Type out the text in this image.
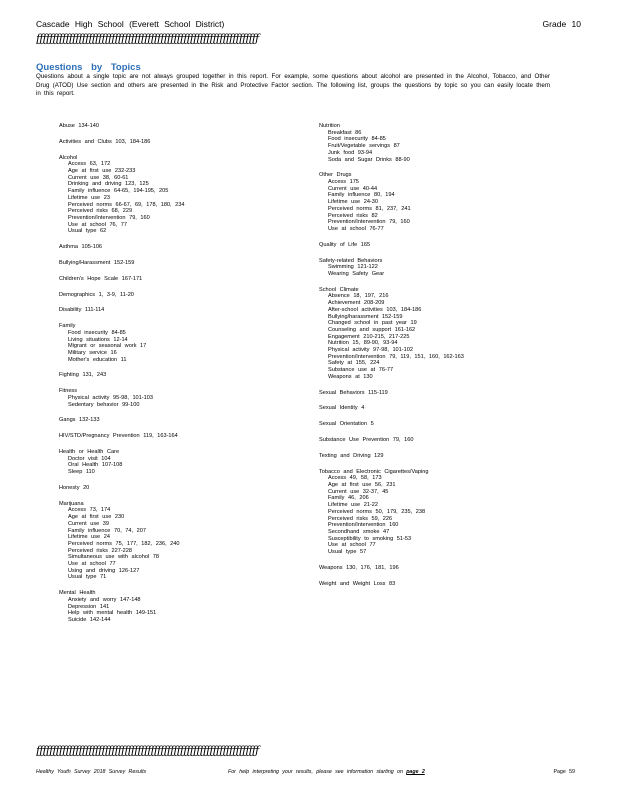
Cascade High School (Everett School District)	Grade 10
ƒƒƒƒƒƒƒƒƒƒƒƒƒƒƒƒƒƒƒƒƒƒƒƒƒƒƒƒƒƒƒƒƒƒƒƒƒƒƒƒƒƒƒƒƒƒƒƒƒƒƒƒƒƒƒƒƒƒƒƒƒƒƒƒƒƒƒƒ
Questions by Topics
Questions about a single topic are not always grouped together in this report. For example, some questions about alcohol are presented in the Alcohol, Tobacco, and Other Drug (ATOD) Use section and others are presented in the Risk and Protective Factor section. The following list, groups the questions by topic so you can easily locate them in this report.
Abuse 134-140
Activities and Clubs 103, 184-186
Alcohol
Access 63, 172
Age at first use 232-233
Current use 38, 60-61
Drinking and driving 123, 125
Family influence 64-65, 194-195, 205
Lifetime use 23
Perceived norms 66-67, 69, 178, 180, 234
Perceived risks 68, 229
Prevention/Intervention 79, 160
Use at school 76, 77
Usual type 62
Asthma 105-106
Bullying/Harassment 152-159
Children's Hope Scale 167-171
Demographics 1, 3-9, 11-20
Disability 111-114
Family
Food insecurity 84-85
Living situations 12-14
Migrant or seasonal work 17
Military service 16
Mother's education 11
Fighting 131, 243
Fitness
Physical activity 95-98, 101-103
Sedentary behavior 99-100
Gangs 132-133
HIV/STD/Pregnancy Prevention 119, 163-164
Health or Health Care
Doctor visit 104
Oral Health 107-108
Sleep 110
Honesty 20
Marijuana
Access 73, 174
Age at first use 230
Current use 39
Family influence 70, 74, 207
Lifetime use 24
Perceived norms 75, 177, 182, 236, 240
Perceived risks 227-228
Simultaneous use with alcohol 78
Use at school 77
Using and driving 126-127
Usual type 71
Mental Health
Anxiety and worry 147-148
Depression 141
Help with mental health 149-151
Suicide 142-144
Nutrition
Breakfast 86
Food insecurity 84-85
Fruit/Vegetable servings 87
Junk food 93-94
Soda and Sugar Drinks 88-90
Other Drugs
Access 175
Current use 40-44
Family influence 80, 194
Lifetime use 24-30
Perceived norms 81, 237, 241
Perceived risks 82
Prevention/Intervention 79, 160
Use at school 76-77
Quality of Life 165
Safety-related Behaviors
Swimming 121-122
Wearing Safety Gear
School Climate
Absence 18, 197, 216
Achievement 208-209
After-school activities 103, 184-186
Bullying/harassment 152-159
Changed school in past year 19
Counseling and support 161-162
Engagement 210-215, 217-225
Nutrition 15, 89-90, 93-94
Physical activity 97-98, 101-102
Prevention/Intervention 79, 119, 151, 160, 162-163
Safety at 155, 224
Substance use at 76-77
Weapons at 130
Sexual Behaviors 115-119
Sexual Identity 4
Sexual Orientation 5
Substance Use Prevention 79, 160
Texting and Driving 129
Tobacco and Electronic Cigarettes/Vaping
Access 49, 58, 173
Age at first use 56, 231
Current use 32-37, 45
Family 46, 206
Lifetime use 21-22
Perceived norms 50, 179, 235, 238
Perceived risks 59, 226
Prevention/Intervention 160
Secondhand smoke 47
Susceptibility to smoking 51-53
Use at school 77
Usual type 57
Weapons 130, 176, 181, 196
Weight and Weight Loss 83
ƒƒƒƒƒƒƒƒƒƒƒƒƒƒƒƒƒƒƒƒƒƒƒƒƒƒƒƒƒƒƒƒƒƒƒƒƒƒƒƒƒƒƒƒƒƒƒƒƒƒƒƒƒƒƒƒƒƒƒƒƒƒƒƒƒƒƒƒ
Healthy Youth Survey 2018 Survey Results	For help interpreting your results, please see information starting on page 2	Page 59
